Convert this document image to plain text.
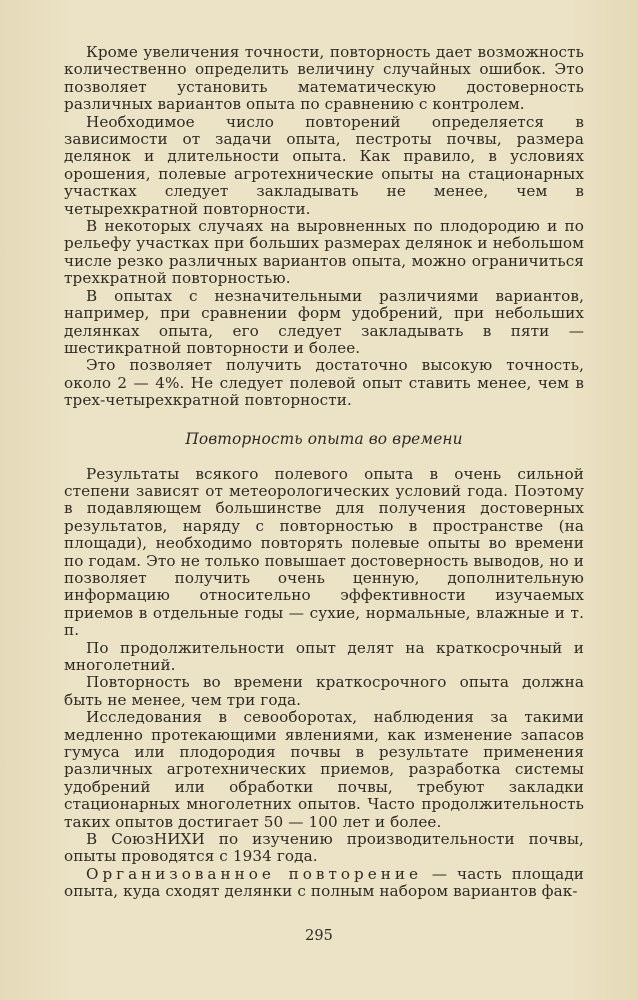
Кроме увеличения точности, повторность дает возможность количественно определить величину случайных ошибок. Это позволяет установить математическую достоверность различных вариантов опыта по сравнению с контролем.

Необходимое число повторений определяется в зависимости от задачи опыта, пестроты почвы, размера делянок и длительности опыта. Как правило, в условиях орошения, полевые агротехнические опыты на стационарных участках следует закладывать не менее, чем в четырехкратной повторности.

В некоторых случаях на выровненных по плодородию и по рельефу участках при больших размерах делянок и небольшом числе резко различных вариантов опыта, можно ограничиться трехкратной повторностью.

В опытах с незначительными различиями вариантов, например, при сравнении форм удобрений, при небольших делянках опыта, его следует закладывать в пяти — шестикратной повторности и более.

Это позволяет получить достаточно высокую точность, около 2 — 4%. Не следует полевой опыт ставить менее, чем в трех-четырехкратной повторности.

Повторность опыта во времени

Результаты всякого полевого опыта в очень сильной степени зависят от метеорологических условий года. Поэтому в подавляющем большинстве для получения достоверных результатов, наряду с повторностью в пространстве (на площади), необходимо повторять полевые опыты во времени по годам. Это не только повышает достоверность выводов, но и позволяет получить очень ценную, дополнительную информацию относительно эффективности изучаемых приемов в отдельные годы — сухие, нормальные, влажные и т. п.

По продолжительности опыт делят на краткосрочный и многолетний.

Повторность во времени краткосрочного опыта должна быть не менее, чем три года.

Исследования в севооборотах, наблюдения за такими медленно протекающими явлениями, как изменение запасов гумуса или плодородия почвы в результате применения различных агротехнических приемов, разработка системы удобрений или обработки почвы, требуют закладки стационарных многолетних опытов. Часто продолжительность таких опытов достигает 50 — 100 лет и более.

В СоюзНИХИ по изучению производительности почвы, опыты проводятся с 1934 года.

Организованное повторение — часть площади опыта, куда сходят делянки с полным набором вариантов фак-

295
